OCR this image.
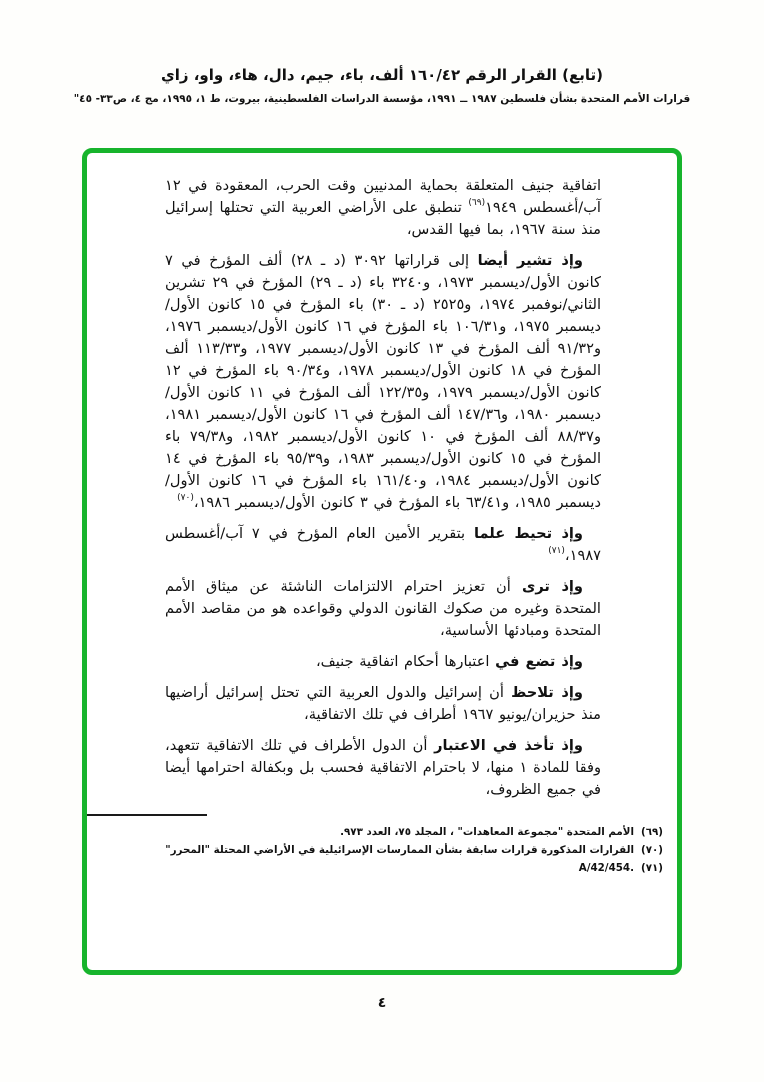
(تابع) القرار الرقم ١٦٠/٤٢ ألف، باء، جيم، دال، هاء، واو، زاي
قرارات الأمم المتحدة بشأن فلسطين ١٩٨٧ ــ ١٩٩١، مؤسسة الدراسات الفلسطينية، بيروت، ط ١، ١٩٩٥، مج ٤، ص٣٣- ٤٥"

اتفاقية جنيف المتعلقة بحماية المدنيين وقت الحرب، المعقودة في ١٢ آب/أغسطس ١٩٤٩$^{(٦٩)}$ تنطبق على الأراضي العربية التي تحتلها إسرائيل منذ سنة ١٩٦٧، بما فيها القدس،

وإذ تشير أيضا إلى قراراتها ٣٠٩٢ (د ـ ٢٨) ألف المؤرخ في ٧ كانون الأول/ديسمبر ١٩٧٣، و٣٢٤٠ باء (د ـ ٢٩) المؤرخ في ٢٩ تشرين الثاني/نوفمبر ١٩٧٤، و٢٥٢٥ (د ـ ٣٠) باء المؤرخ في ١٥ كانون الأول/ديسمبر ١٩٧٥، و١٠٦/٣١ باء المؤرخ في ١٦ كانون الأول/ديسمبر ١٩٧٦، و٩١/٣٢ ألف المؤرخ في ١٣ كانون الأول/ديسمبر ١٩٧٧، و١١٣/٣٣ ألف المؤرخ في ١٨ كانون الأول/ديسمبر ١٩٧٨، و٩٠/٣٤ باء المؤرخ في ١٢ كانون الأول/ديسمبر ١٩٧٩، و١٢٢/٣٥ ألف المؤرخ في ١١ كانون الأول/ديسمبر ١٩٨٠، و١٤٧/٣٦ ألف المؤرخ في ١٦ كانون الأول/ديسمبر ١٩٨١، و٨٨/٣٧ ألف المؤرخ في ١٠ كانون الأول/ديسمبر ١٩٨٢، و٧٩/٣٨ باء المؤرخ في ١٥ كانون الأول/ديسمبر ١٩٨٣، و٩٥/٣٩ باء المؤرخ في ١٤ كانون الأول/ديسمبر ١٩٨٤، و١٦١/٤٠ باء المؤرخ في ١٦ كانون الأول/ديسمبر ١٩٨٥، و٦٣/٤١ باء المؤرخ في ٣ كانون الأول/ديسمبر ١٩٨٦،$^{(٧٠)}$

وإذ تحيط علما بتقرير الأمين العام المؤرخ في ٧ آب/أغسطس ١٩٨٧،$^{(٧١)}$

وإذ ترى أن تعزيز احترام الالتزامات الناشئة عن ميثاق الأمم المتحدة وغيره من صكوك القانون الدولي وقواعده هو من مقاصد الأمم المتحدة ومبادئها الأساسية،

وإذ تضع في اعتبارها أحكام اتفاقية جنيف،

وإذ تلاحظ أن إسرائيل والدول العربية التي تحتل إسرائيل أراضيها منذ حزيران/يونيو ١٩٦٧ أطراف في تلك الاتفاقية،

وإذ تأخذ في الاعتبار أن الدول الأطراف في تلك الاتفاقية تتعهد، وفقا للمادة ١ منها، لا باحترام الاتفاقية فحسب بل وبكفالة احترامها أيضا في جميع الظروف،

(٦٩)الأمم المتحدة "مجموعة المعاهدات" ، المجلد ٧٥، العدد ٩٧٣.
(٧٠)القرارات المذكورة قرارات سابقة بشأن الممارسات الإسرائيلية في الأراضي المحتلة "المحرر"
(٧١)A/42/454.
٤
